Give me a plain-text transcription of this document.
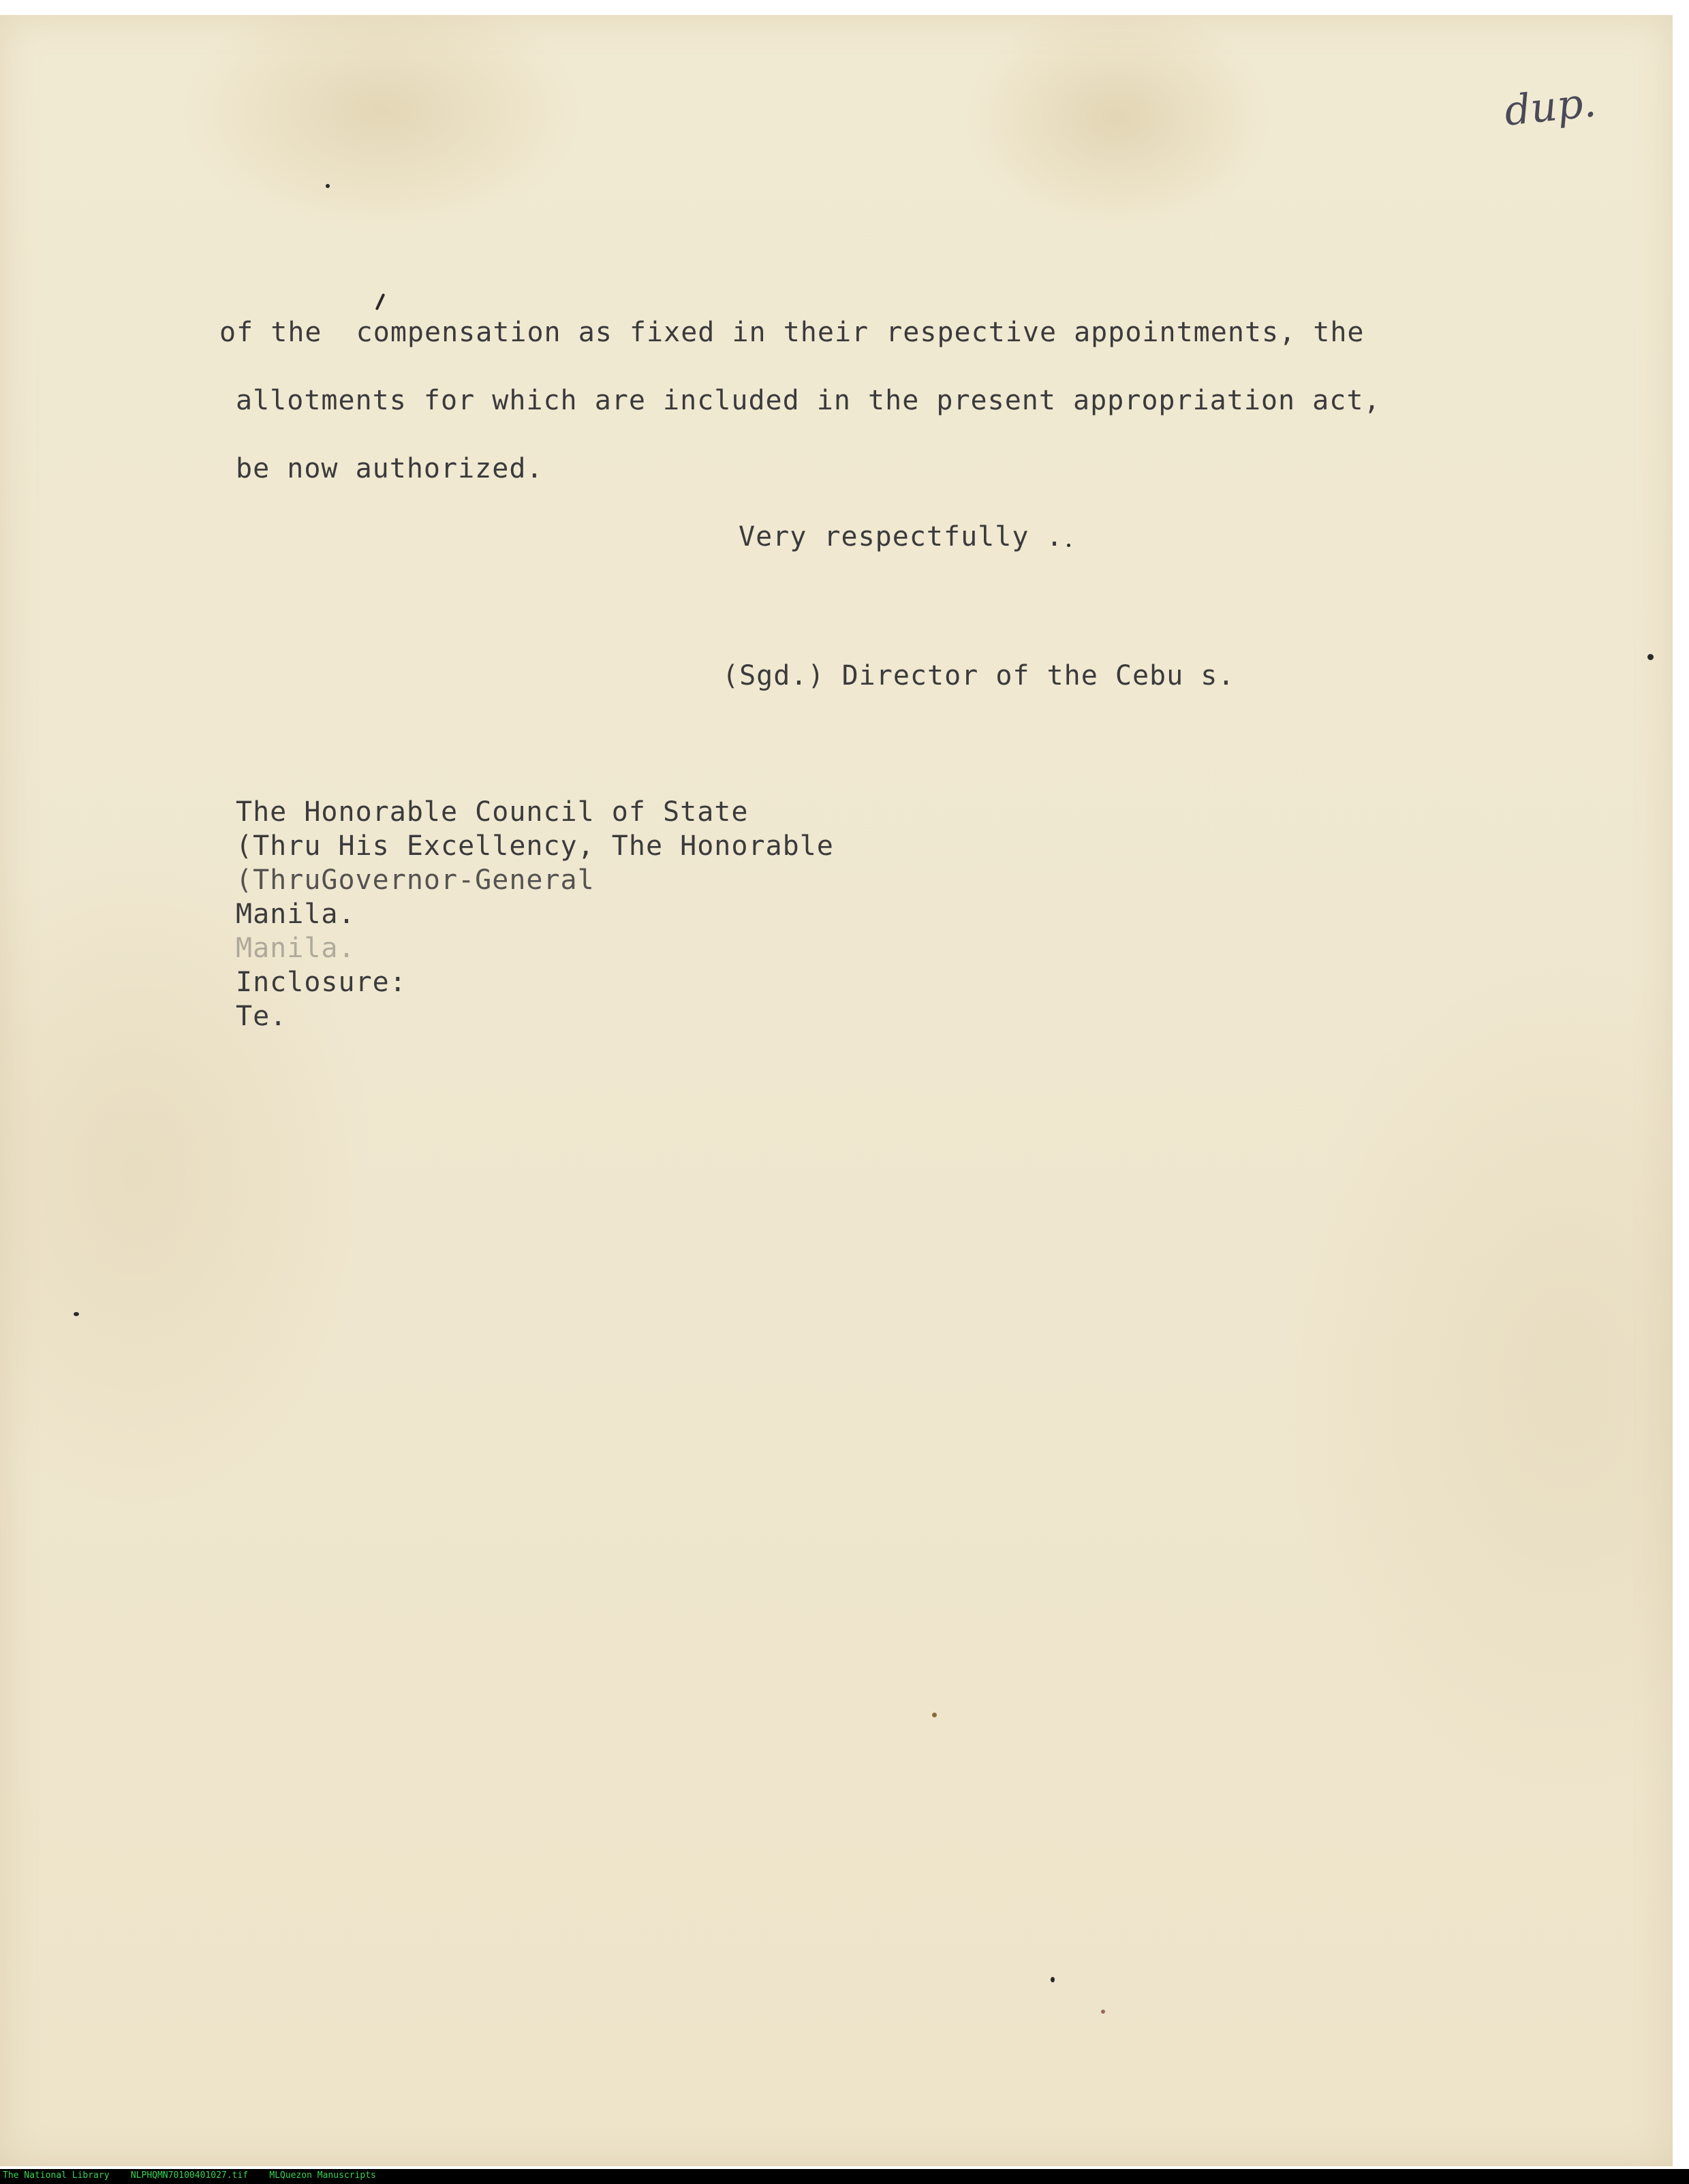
dup.
of the  compensation as fixed in their respective appointments, the
allotments for which are included in the present appropriation act,
be now authorized.
Very respectfully .
(Sgd.) Director of the Cebu s.
The Honorable Council of State
(Thru His Excellency, The Honorable
(ThruGovernor-General
Manila.
Manila.
Inclosure:
Te.
The National Library    NLPHQMN70100401027.tif    MLQuezon Manuscripts
